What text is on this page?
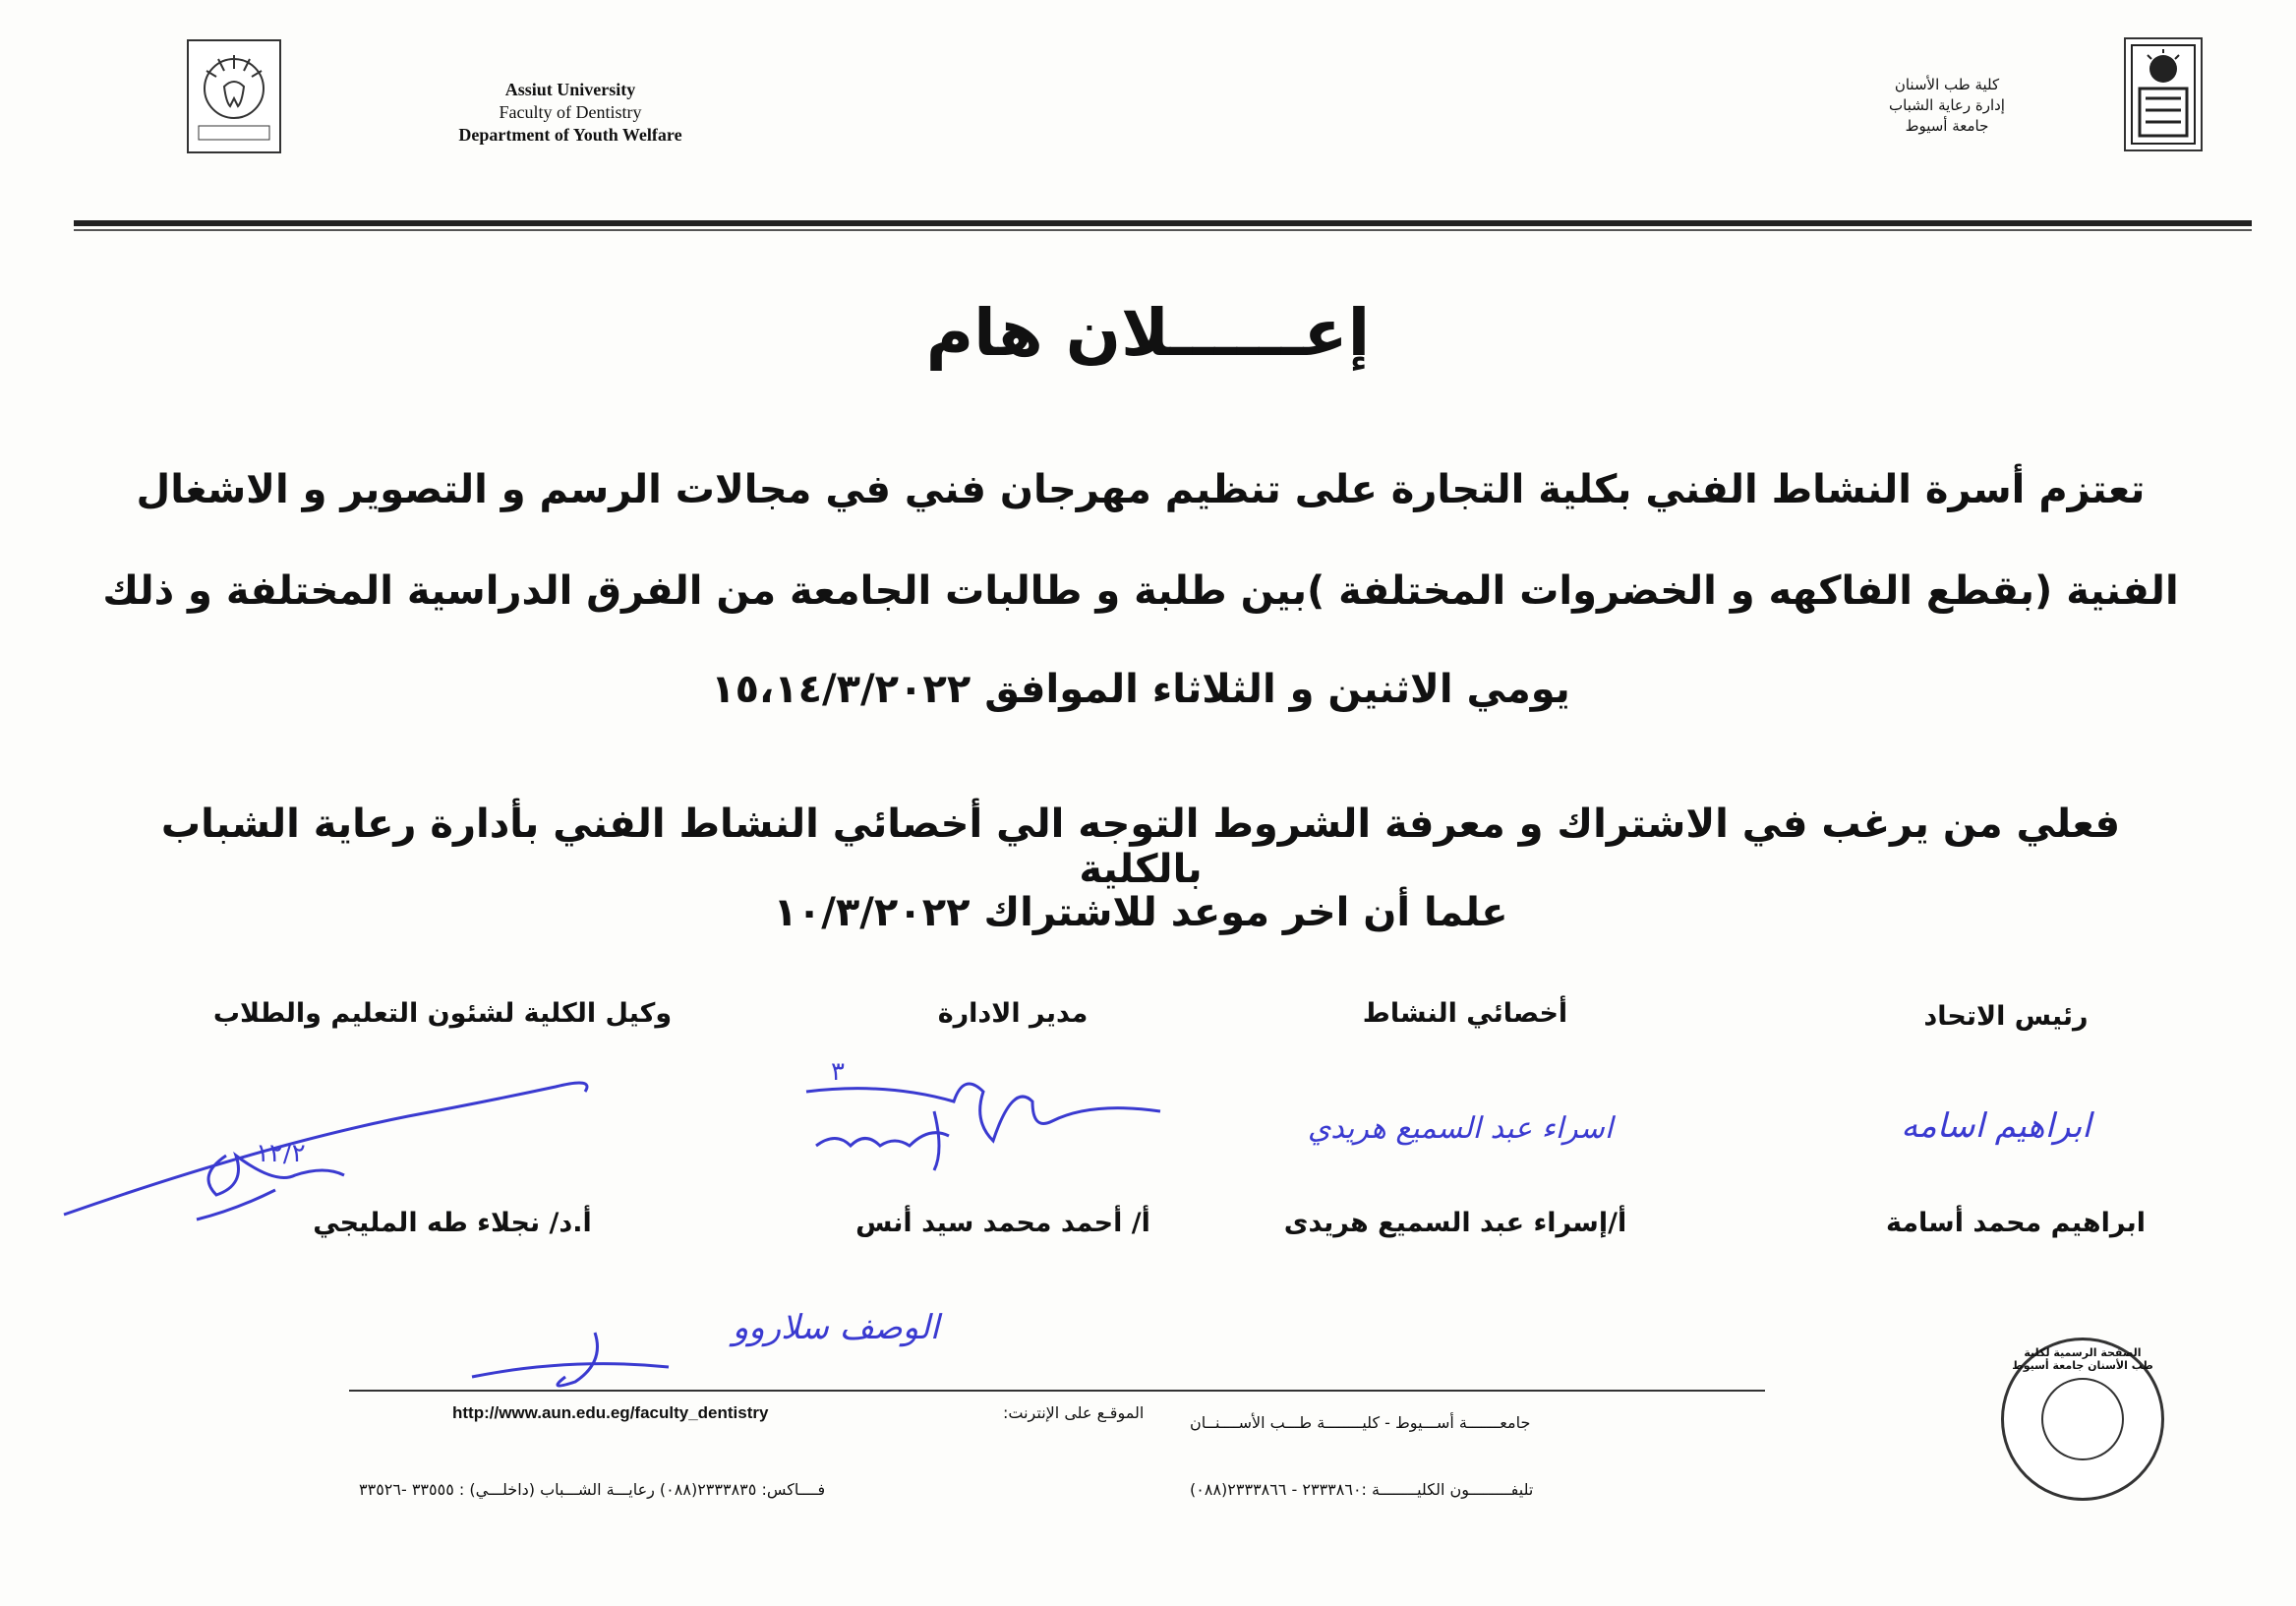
Assiut University
Faculty of Dentistry
Department of Youth Welfare
كلية طب الأسنان
إدارة رعاية الشباب
جامعة أسيوط
إعــــــلان هام
تعتزم أسرة النشاط الفني بكلية التجارة على تنظيم مهرجان فني في مجالات الرسم و التصوير و الاشغال
الفنية (بقطع الفاكهه و الخضروات المختلفة )بين طلبة و طالبات الجامعة من الفرق الدراسية المختلفة و ذلك
يومي الاثنين و الثلاثاء الموافق ١٥،١٤/٣/٢٠٢٢
فعلي من يرغب في الاشتراك و معرفة الشروط التوجه الي أخصائي النشاط الفني بأدارة رعاية الشباب بالكلية
علما أن اخر موعد للاشتراك ١٠/٣/٢٠٢٢
رئيس الاتحاد
أخصائي النشاط
مدير الادارة
وكيل الكلية لشئون التعليم والطلاب
ابراهيم اسامه
اسراء عبد السميع هريدي
٣
١٢/٢
ابراهيم محمد أسامة
أ/إسراء عبد السميع هريدى
أ/ أحمد محمد سيد أنس
أ.د/ نجلاء طه المليجي
الوصف سلاروو
الموقـع على الإنترنت:
http://www.aun.edu.eg/faculty_dentistry
جامعـــــــة أســـيوط - كليــــــــة طـــب الأســــنــان
فــــاكس: ٢٣٣٣٨٣٥(٠٨٨) رعايـــة الشـــباب (داخلـــي) : ٣٣٥٥٥ -٣٣٥٢٦	تليفـــــــــون الكليــــــــة :٢٣٣٣٨٦٠ - ٢٣٣٣٨٦٦(٠٨٨)
الصفحة الرسمية لكلية طب الأسنان جامعة أسيوط
